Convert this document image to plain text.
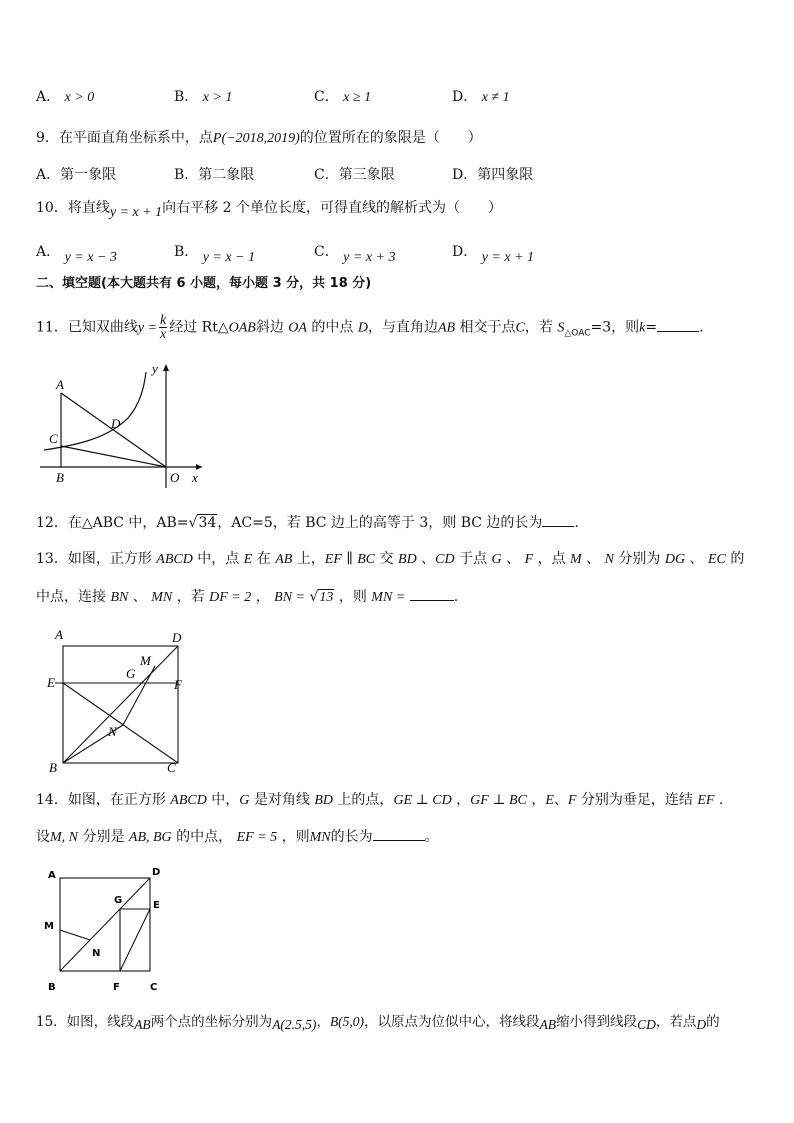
A． x > 0	B． x > 1	C． x ≥ 1	D． x ≠ 1
9．在平面直角坐标系中，点P(−2018,2019)的位置所在的象限是（　　）
A．第一象限	B．第二象限	C．第三象限	D．第四象限
10．将直线y = x + 1向右平移 2 个单位长度，可得直线的解析式为（　　）
A． y = x − 3	B． y = x − 1	C． y = x + 3	D． y = x + 1
二、填空题(本大题共有 6 小题，每小题 3 分，共 18 分)
11．已知双曲线$y = \frac{k}{x}$ 经过 Rt△OAB斜边 OA 的中点 D，与直角边AB 相交于点C，若 $S_{\triangle OAC}=3$，则k=	.
A
C
D
B	O x
y
12．在△ABC 中，AB=√34，AC=5，若 BC 边上的高等于 3，则 BC 边的长为 .
13．如图，正方形 ABCD 中，点 E 在 AB 上，EF ∥ BC 交 BD 、CD 于点 G 、 F ，点 M 、 N 分别为 DG 、 EC 的
中点，连接 BN 、 MN ，若 DF = 2 ， BN = √13 ，则 MN =	.
A	D
M
G
E	F
N
B	C
14．如图，在正方形 ABCD 中，G 是对角线 BD 上的点，GE ⊥ CD ，GF ⊥ BC ，E、F 分别为垂足，连结 EF .
设M, N 分别是 AB, BG 的中点， EF = 5 ，则MN的长为	。
A	D
G	E
M
N
B	F	C
15．如图，线段AB两个点的坐标分别为A(2.5,5)，B(5,0)，以原点为位似中心，将线段AB缩小得到线段CD，若点D的
